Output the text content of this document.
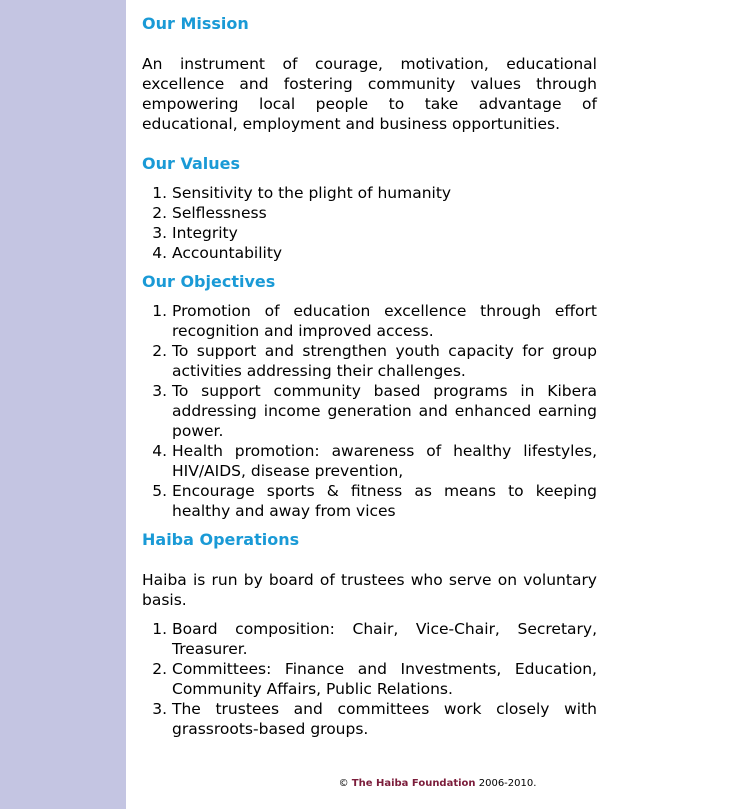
Our Mission

An instrument of courage, motivation, educational excellence and fostering community values through empowering local people to take advantage of educational, employment and business opportunities.

Our Values
1. Sensitivity to the plight of humanity
2. Selflessness
3. Integrity
4. Accountability
Our Objectives
1. Promotion of education excellence through effort recognition and improved access.
2. To support and strengthen youth capacity for group activities addressing their challenges.
3. To support community based programs in Kibera addressing income generation and enhanced earning power.
4. Health promotion: awareness of healthy lifestyles, HIV/AIDS, disease prevention,
5. Encourage sports & fitness as means to keeping healthy and away from vices
Haiba Operations

Haiba is run by board of trustees who serve on voluntary basis.

1. Board composition: Chair, Vice-Chair, Secretary, Treasurer.
2. Committees: Finance and Investments, Education, Community Affairs, Public Relations.
3. The trustees and committees work closely with grassroots-based groups.
© The Haiba Foundation 2006-2010.
